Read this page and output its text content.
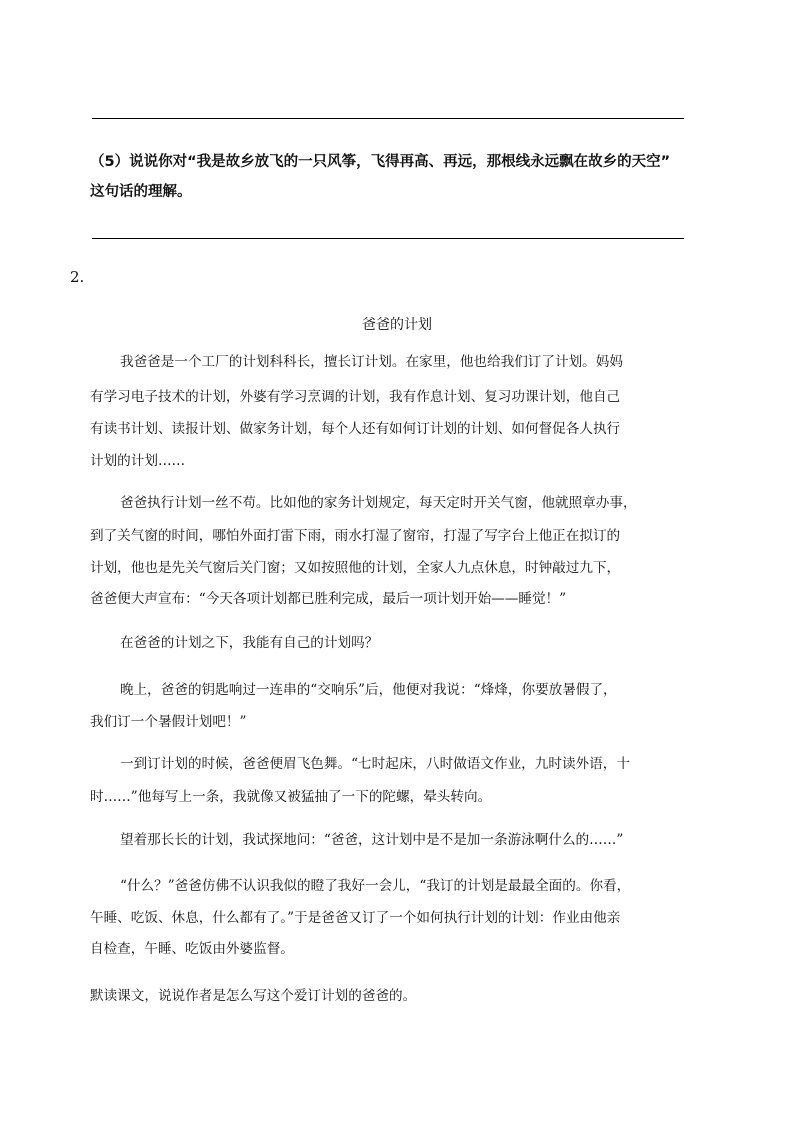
（5）说说你对“我是故乡放飞的一只风筝，飞得再高、再远，那根线永远飘在故乡的天空”
这句话的理解。
2.
爸爸的计划
我爸爸是一个工厂的计划科科长，擅长订计划。在家里，他也给我们订了计划。妈妈
有学习电子技术的计划，外婆有学习烹调的计划，我有作息计划、复习功课计划，他自己
有读书计划、读报计划、做家务计划，每个人还有如何订计划的计划、如何督促各人执行
计划的计划……
爸爸执行计划一丝不苟。比如他的家务计划规定，每天定时开关气窗，他就照章办事，
到了关气窗的时间，哪怕外面打雷下雨，雨水打湿了窗帘，打湿了写字台上他正在拟订的
计划，他也是先关气窗后关门窗；又如按照他的计划，全家人九点休息，时钟敲过九下，
爸爸便大声宣布：“今天各项计划都已胜利完成，最后一项计划开始——睡觉！”
在爸爸的计划之下，我能有自己的计划吗？
晚上，爸爸的钥匙响过一连串的“交响乐”后，他便对我说：“烽烽，你要放暑假了，
我们订一个暑假计划吧！”
一到订计划的时候，爸爸便眉飞色舞。“七时起床，八时做语文作业，九时读外语，十
时……”他每写上一条，我就像又被猛抽了一下的陀螺，晕头转向。
望着那长长的计划，我试探地问：“爸爸，这计划中是不是加一条游泳啊什么的……”
“什么？”爸爸仿佛不认识我似的瞪了我好一会儿，“我订的计划是最最全面的。你看，
午睡、吃饭、休息，什么都有了。”于是爸爸又订了一个如何执行计划的计划：作业由他亲
自检查，午睡、吃饭由外婆监督。
默读课文，说说作者是怎么写这个爱订计划的爸爸的。
